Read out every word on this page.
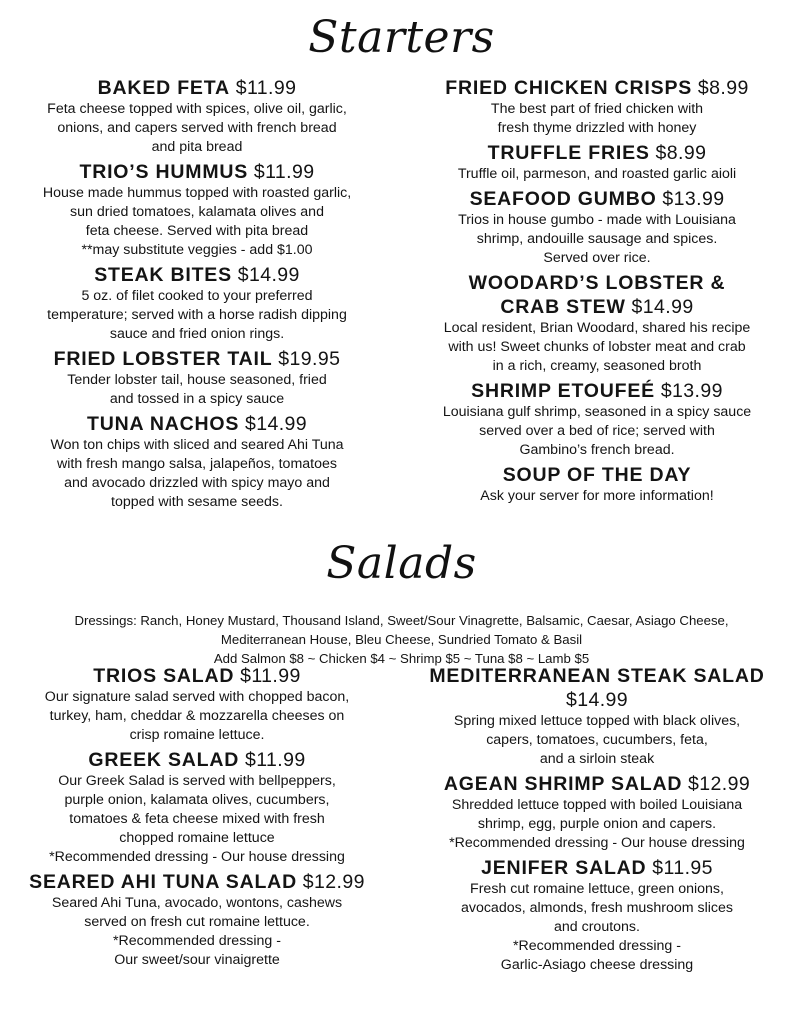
Starters
BAKED FETA $11.99
Feta cheese topped with spices, olive oil, garlic,
onions, and capers served with french bread
and pita bread
TRIO’S HUMMUS $11.99
House made hummus topped with roasted garlic,
sun dried tomatoes, kalamata olives and
feta cheese. Served with pita bread
**may substitute veggies - add $1.00
STEAK BITES $14.99
5 oz. of filet cooked to your preferred
temperature; served with a horse radish dipping
sauce and fried onion rings.
FRIED LOBSTER TAIL $19.95
Tender lobster tail, house seasoned, fried
and tossed in a spicy sauce
TUNA NACHOS $14.99
Won ton chips with sliced and seared Ahi Tuna
with fresh mango salsa, jalapeños, tomatoes
and avocado drizzled with spicy mayo and
topped with sesame seeds.
FRIED CHICKEN CRISPS $8.99
The best part of fried chicken with
fresh thyme drizzled with honey
TRUFFLE FRIES $8.99
Truffle oil, parmeson, and roasted garlic aioli
SEAFOOD GUMBO $13.99
Trios in house gumbo - made with Louisiana
shrimp, andouille sausage and spices.
Served over rice.
WOODARD’S LOBSTER &
CRAB STEW $14.99
Local resident, Brian Woodard, shared his recipe
with us! Sweet chunks of lobster meat and crab
in a rich, creamy, seasoned broth
SHRIMP ETOUFEÉ $13.99
Louisiana gulf shrimp, seasoned in a spicy sauce
served over a bed of rice; served with
Gambino’s french bread.
SOUP OF THE DAY
Ask your server for more information!
Salads

Dressings: Ranch, Honey Mustard, Thousand Island, Sweet/Sour Vinagrette, Balsamic, Caesar, Asiago Cheese,
Mediterranean House, Bleu Cheese, Sundried Tomato & Basil

Add Salmon $8 ~ Chicken $4 ~ Shrimp $5 ~ Tuna $8 ~ Lamb $5

TRIOS SALAD $11.99
Our signature salad served with chopped bacon,
turkey, ham, cheddar & mozzarella cheeses on
crisp romaine lettuce.
GREEK SALAD $11.99
Our Greek Salad is served with bellpeppers,
purple onion, kalamata olives, cucumbers,
tomatoes & feta cheese mixed with fresh
chopped romaine lettuce
*Recommended dressing - Our house dressing
SEARED AHI TUNA SALAD $12.99
Seared Ahi Tuna, avocado, wontons, cashews
served on fresh cut romaine lettuce.
*Recommended dressing -
Our sweet/sour vinaigrette
MEDITERRANEAN STEAK SALAD
$14.99
Spring mixed lettuce topped with black olives,
capers, tomatoes, cucumbers, feta,
and a sirloin steak
AGEAN SHRIMP SALAD $12.99
Shredded lettuce topped with boiled Louisiana
shrimp, egg, purple onion and capers.
*Recommended dressing - Our house dressing
JENIFER SALAD $11.95
Fresh cut romaine lettuce, green onions,
avocados, almonds, fresh mushroom slices
and croutons.
*Recommended dressing -
Garlic-Asiago cheese dressing
